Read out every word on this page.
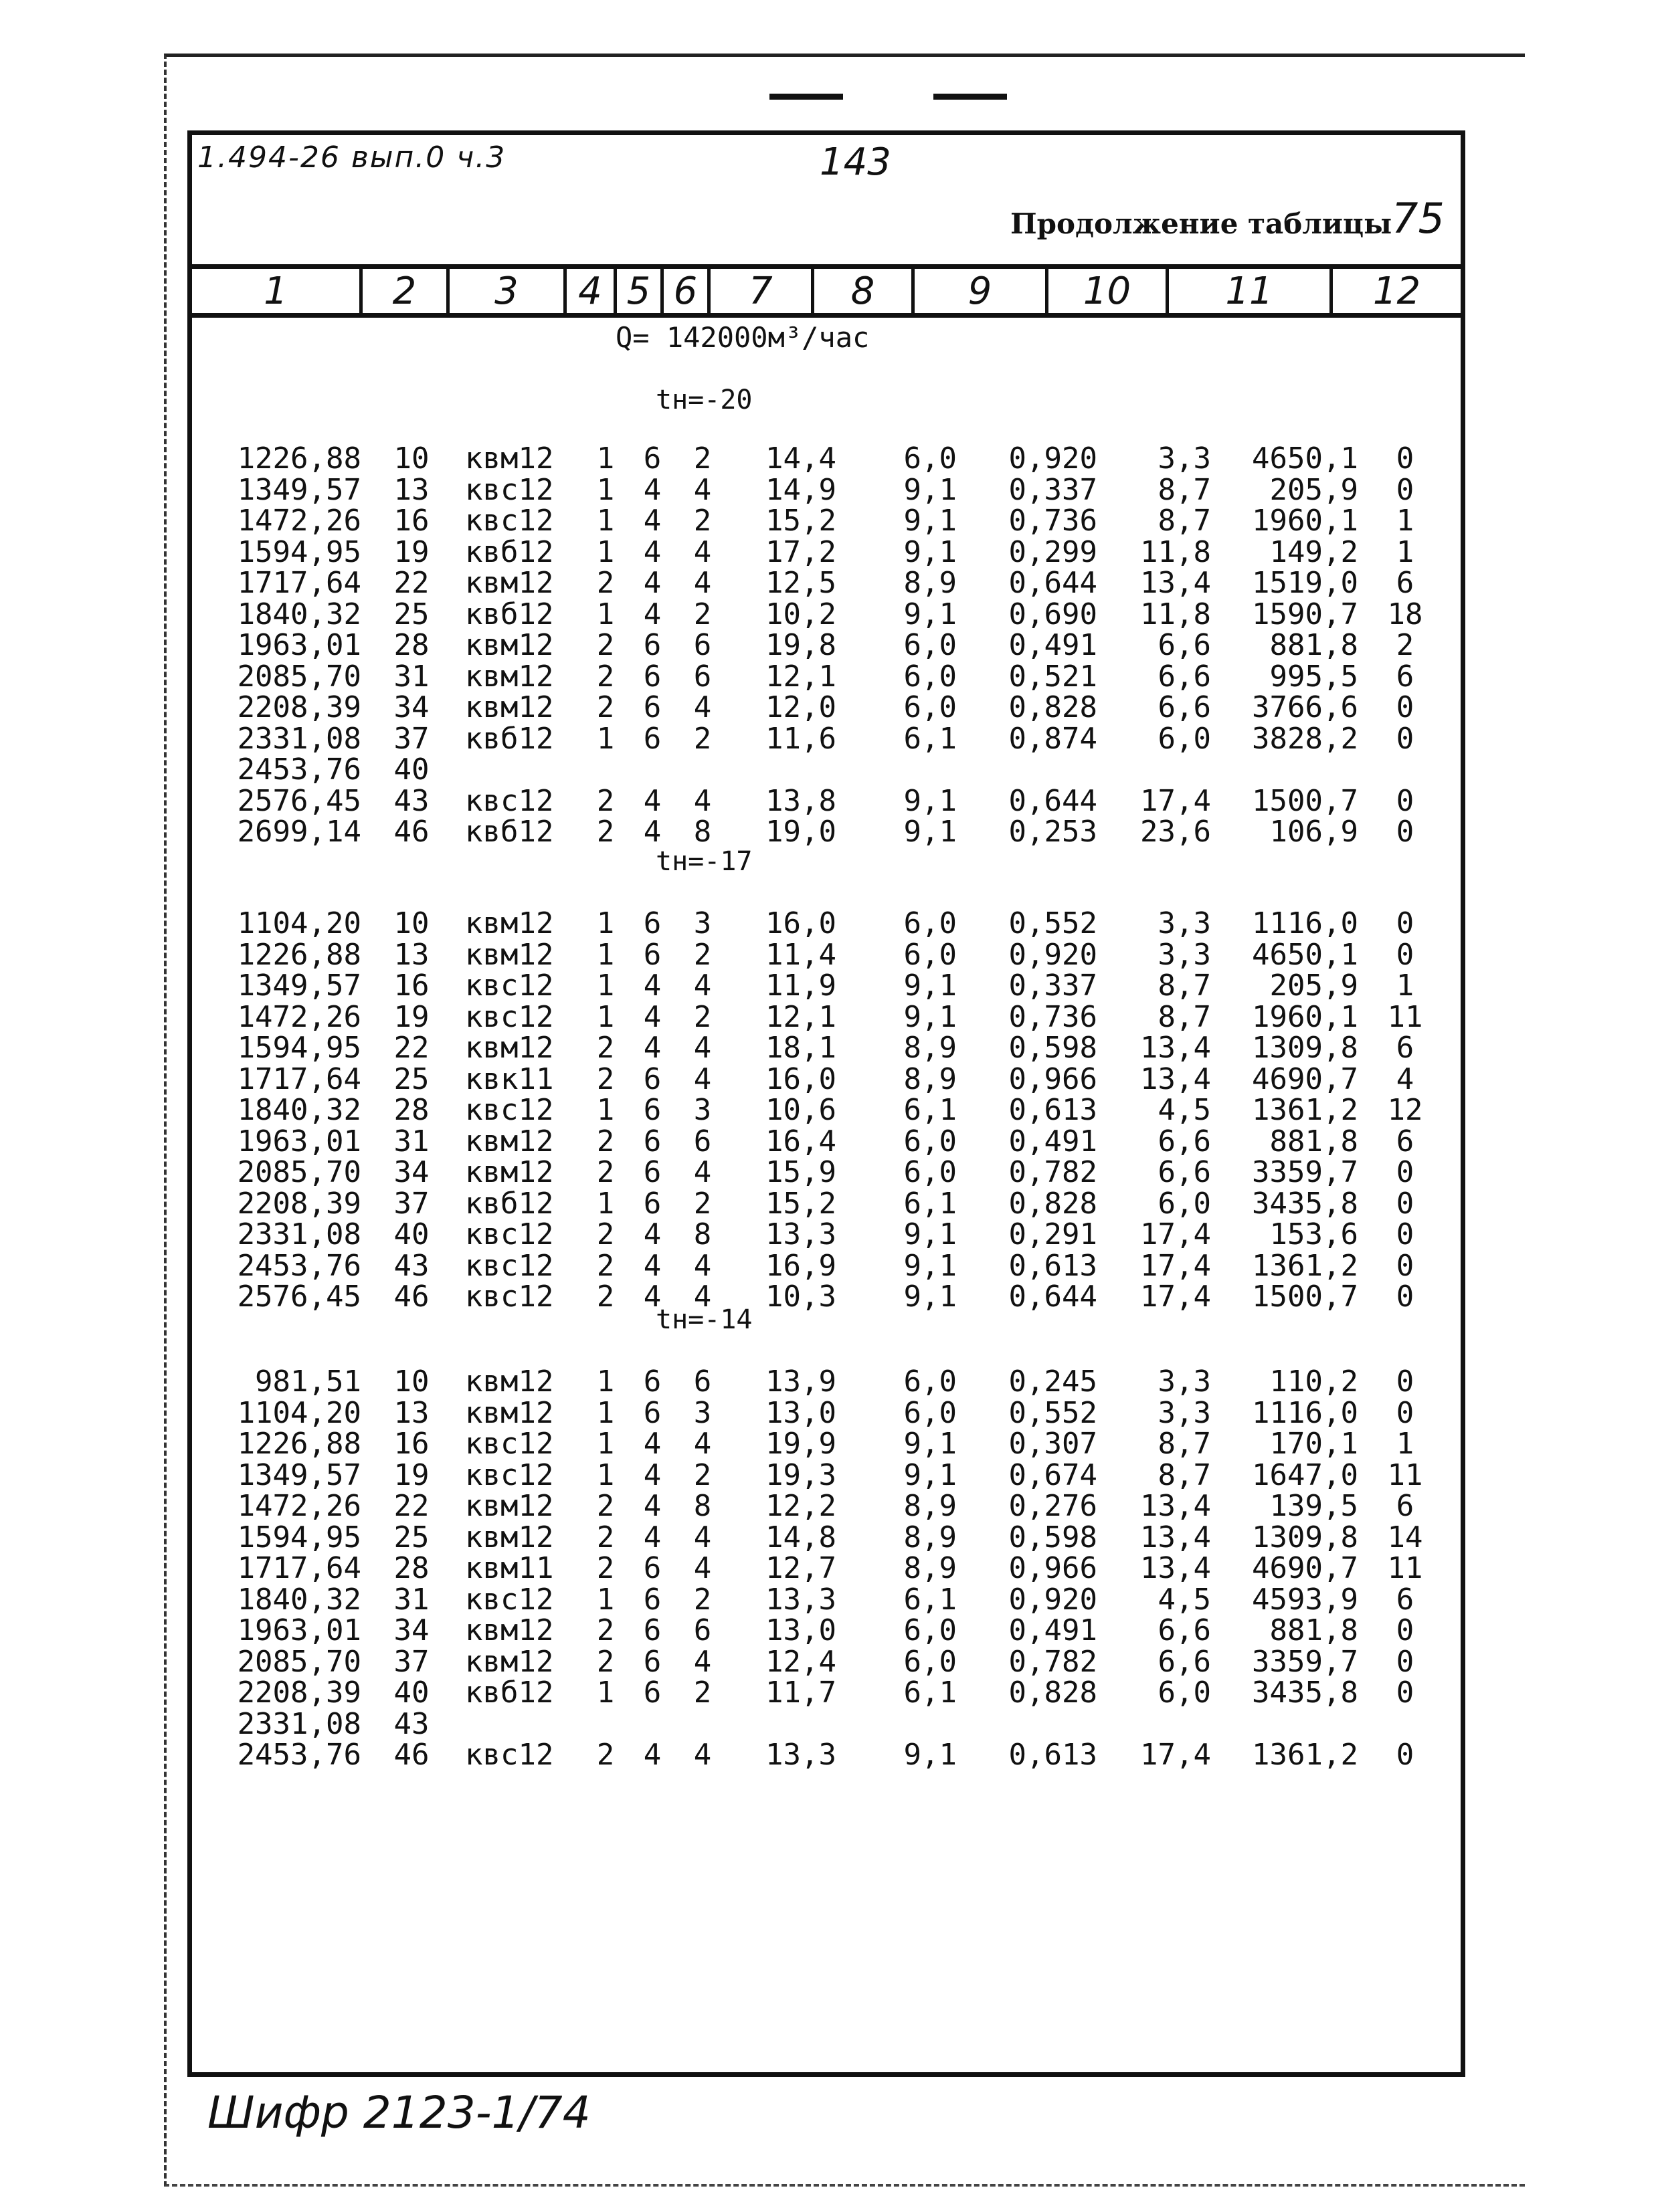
1.494-26 вып.0 ч.3	143
Продолжение таблицы 75
1	2	3	4 5 6	7	8	9	10	11	12
Q= 142000м³/час
tн=-20
1226,88	10	квм12	1 6 2	14,4	6,0	0,920	3,3 4650,1	0
1349,57	13	квс12	1 4 4	14,9	9,1	0,337	8,7	205,9	0
1472,26	16	квс12	1 4 2	15,2	9,1	0,736	8,7 1960,1	1
1594,95	19	квб12	1 4 4	17,2	9,1	0,299	11,8	149,2	1
1717,64	22	квм12	2 4 4	12,5	8,9	0,644	13,4 1519,0	6
1840,32	25	квб12	1 4 2	10,2	9,1	0,690	11,8 1590,7 18
1963,01	28	квм12	2 6 6	19,8	6,0	0,491	6,6	881,8	2
2085,70	31	квм12	2 6 6	12,1	6,0	0,521	6,6	995,5	6
2208,39	34	квм12	2 6 4	12,0	6,0	0,828	6,6 3766,6	0
2331,08	37	квб12	1 6 2	11,6	6,1	0,874	6,0 3828,2	0
2453,76	40
2576,45	43	квс12	2 4 4	13,8	9,1	0,644	17,4 1500,7	0
2699,14	46	квб12	2 4 8	19,0	9,1	0,253	23,6	106,9	0
tн=-17
1104,20	10	квм12	1 6 3	16,0	6,0	0,552	3,3 1116,0	0
1226,88	13	квм12	1 6 2	11,4	6,0	0,920	3,3 4650,1	0
1349,57	16	квс12	1 4 4	11,9	9,1	0,337	8,7	205,9	1
1472,26	19	квс12	1 4 2	12,1	9,1	0,736	8,7 1960,1 11
1594,95	22	квм12	2 4 4	18,1	8,9	0,598	13,4 1309,8	6
1717,64	25	квк11	2 6 4	16,0	8,9	0,966	13,4 4690,7	4
1840,32	28	квс12	1 6 3	10,6	6,1	0,613	4,5 1361,2 12
1963,01	31	квм12	2 6 6	16,4	6,0	0,491	6,6	881,8	6
2085,70	34	квм12	2 6 4	15,9	6,0	0,782	6,6 3359,7	0
2208,39	37	квб12	1 6 2	15,2	6,1	0,828	6,0 3435,8	0
2331,08	40	квс12	2 4 8	13,3	9,1	0,291	17,4	153,6	0
2453,76	43	квс12	2 4 4	16,9	9,1	0,613	17,4 1361,2	0
2576,45	46	квс12	2 4 4	10,3	9,1	0,644	17,4 1500,7	0
tн=-14
981,51	10	квм12	1 6 6	13,9	6,0	0,245	3,3	110,2	0
1104,20	13	квм12	1 6 3	13,0	6,0	0,552	3,3 1116,0	0
1226,88	16	квс12	1 4 4	19,9	9,1	0,307	8,7	170,1	1
1349,57	19	квс12	1 4 2	19,3	9,1	0,674	8,7 1647,0 11
1472,26	22	квм12	2 4 8	12,2	8,9	0,276	13,4	139,5	6
1594,95	25	квм12	2 4 4	14,8	8,9	0,598	13,4 1309,8 14
1717,64	28	квм11	2 6 4	12,7	8,9	0,966	13,4 4690,7 11
1840,32	31	квс12	1 6 2	13,3	6,1	0,920	4,5 4593,9	6
1963,01	34	квм12	2 6 6	13,0	6,0	0,491	6,6	881,8	0
2085,70	37	квм12	2 6 4	12,4	6,0	0,782	6,6 3359,7	0
2208,39	40	квб12	1 6 2	11,7	6,1	0,828	6,0 3435,8	0
2331,08	43
2453,76	46	квс12	2 4 4	13,3	9,1	0,613	17,4 1361,2	0
Шифр 2123-1/74
